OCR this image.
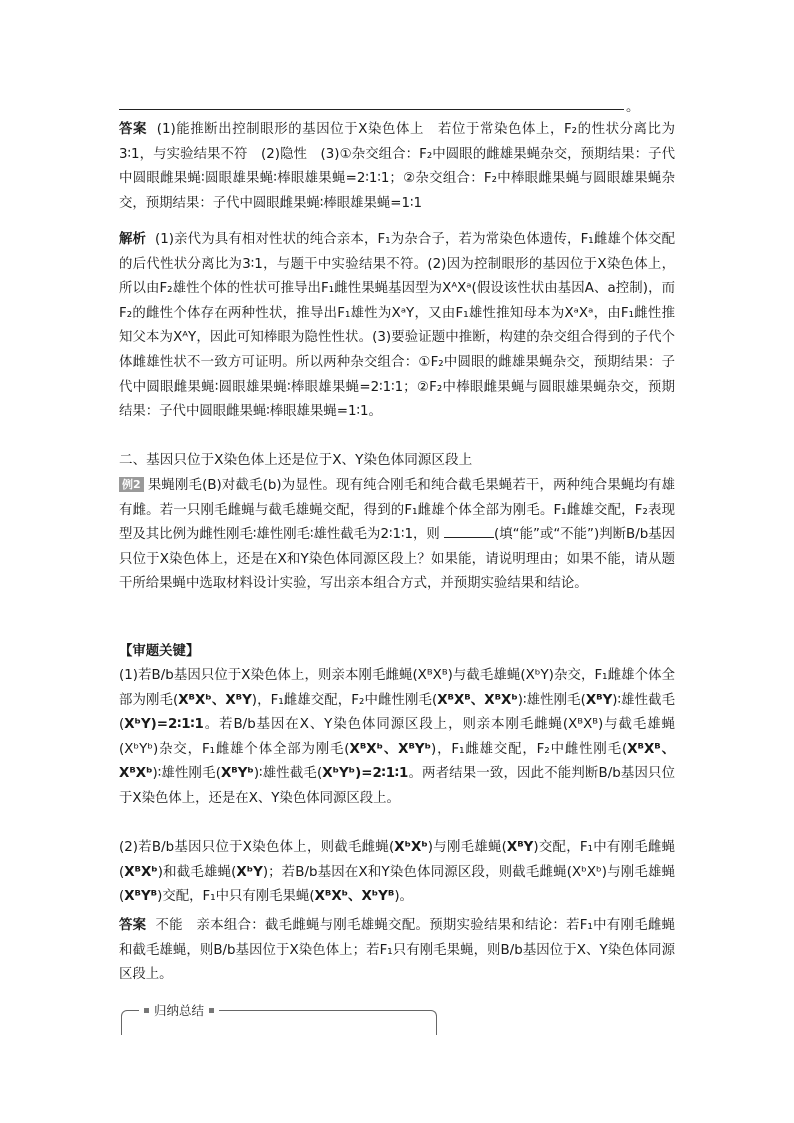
。

答案 (1)能推断出控制眼形的基因位于X染色体上　若位于常染色体上，F₂的性状分离比为3∶1，与实验结果不符　(2)隐性　(3)①杂交组合：F₂中圆眼的雌雄果蝇杂交，预期结果：子代中圆眼雌果蝇∶圆眼雄果蝇∶棒眼雄果蝇=2∶1∶1；②杂交组合：F₂中棒眼雌果蝇与圆眼雄果蝇杂交，预期结果：子代中圆眼雌果蝇∶棒眼雄果蝇=1∶1

解析 (1)亲代为具有相对性状的纯合亲本，F₁为杂合子，若为常染色体遗传，F₁雌雄个体交配的后代性状分离比为3∶1，与题干中实验结果不符。(2)因为控制眼形的基因位于X染色体上，所以由F₂雄性个体的性状可推导出F₁雌性果蝇基因型为XᴬXᵃ(假设该性状由基因A、a控制)，而F₂的雌性个体存在两种性状，推导出F₁雄性为XᵃY，又由F₁雄性推知母本为XᵃXᵃ，由F₁雌性推知父本为XᴬY，因此可知棒眼为隐性性状。(3)要验证题中推断，构建的杂交组合得到的子代个体雌雄性状不一致方可证明。所以两种杂交组合：①F₂中圆眼的雌雄果蝇杂交，预期结果：子代中圆眼雌果蝇∶圆眼雄果蝇∶棒眼雄果蝇=2∶1∶1；②F₂中棒眼雌果蝇与圆眼雄果蝇杂交，预期结果：子代中圆眼雌果蝇∶棒眼雄果蝇=1∶1。

二、基因只位于X染色体上还是位于X、Y染色体同源区段上

例2 果蝇刚毛(B)对截毛(b)为显性。现有纯合刚毛和纯合截毛果蝇若干，两种纯合果蝇均有雄有雌。若一只刚毛雌蝇与截毛雄蝇交配，得到的F₁雌雄个体全部为刚毛。F₁雌雄交配，F₂表现型及其比例为雌性刚毛∶雄性刚毛∶雄性截毛为2∶1∶1，则	(填“能”或“不能”)判断B/b基因只位于X染色体上，还是在X和Y染色体同源区段上？如果能，请说明理由；如果不能，请从题干所给果蝇中选取材料设计实验，写出亲本组合方式，并预期实验结果和结论。

【审题关键】

(1)若B/b基因只位于X染色体上，则亲本刚毛雌蝇(XᴮXᴮ)与截毛雄蝇(XᵇY)杂交，F₁雌雄个体全部为刚毛(XᴮXᵇ、XᴮY)，F₁雌雄交配，F₂中雌性刚毛(XᴮXᴮ、XᴮXᵇ)∶雄性刚毛(XᴮY)∶雄性截毛(XᵇY)=2∶1∶1。若B/b基因在X、Y染色体同源区段上，则亲本刚毛雌蝇(XᴮXᴮ)与截毛雄蝇(XᵇYᵇ)杂交，F₁雌雄个体全部为刚毛(XᴮXᵇ、XᴮYᵇ)，F₁雌雄交配，F₂中雌性刚毛(XᴮXᴮ、XᴮXᵇ)∶雄性刚毛(XᴮYᵇ)∶雄性截毛(XᵇYᵇ)=2∶1∶1。两者结果一致，因此不能判断B/b基因只位于X染色体上，还是在X、Y染色体同源区段上。

(2)若B/b基因只位于X染色体上，则截毛雌蝇(XᵇXᵇ)与刚毛雄蝇(XᴮY)交配，F₁中有刚毛雌蝇(XᴮXᵇ)和截毛雄蝇(XᵇY)；若B/b基因在X和Y染色体同源区段，则截毛雌蝇(XᵇXᵇ)与刚毛雄蝇(XᴮYᴮ)交配，F₁中只有刚毛果蝇(XᴮXᵇ、XᵇYᴮ)。

答案 不能　亲本组合：截毛雌蝇与刚毛雄蝇交配。预期实验结果和结论：若F₁中有刚毛雌蝇和截毛雄蝇，则B/b基因位于X染色体上；若F₁只有刚毛果蝇，则B/b基因位于X、Y染色体同源区段上。

归纳总结
